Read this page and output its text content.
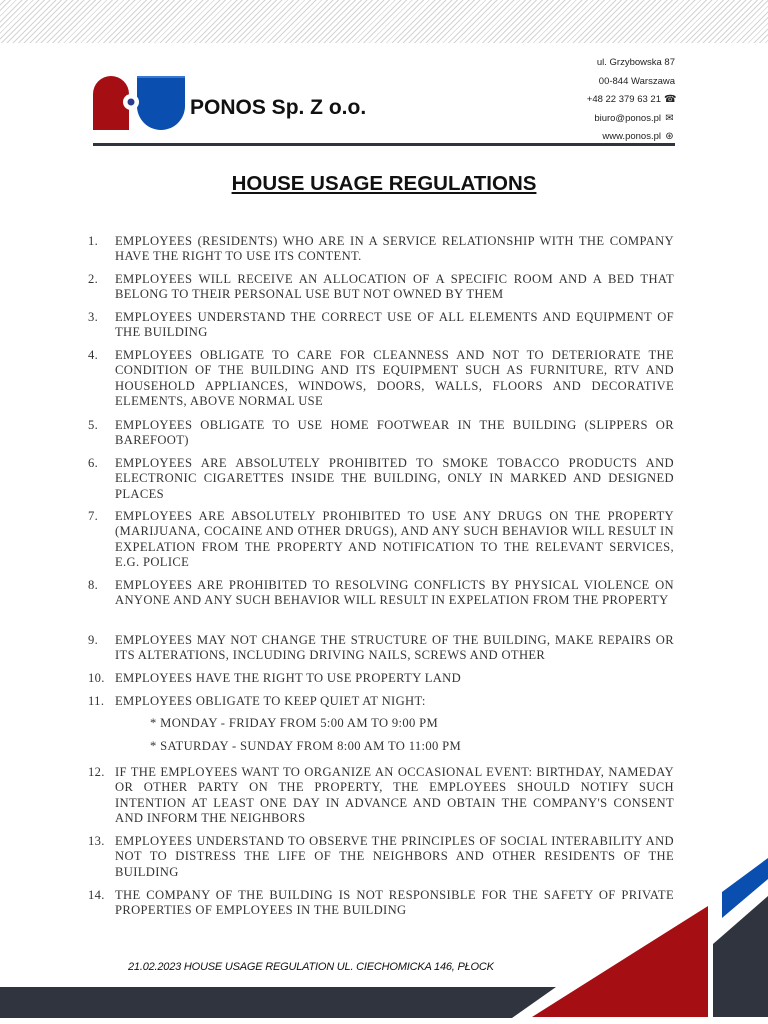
PONOS Sp. Z o.o.
ul. Grzybowska 87
00-844 Warszawa
+48 22 379 63 21 ☎
biuro@ponos.pl ✉
www.ponos.pl ⊛
HOUSE USAGE REGULATIONS
1.	EMPLOYEES (RESIDENTS) WHO ARE IN A SERVICE RELATIONSHIP WITH THE COMPANY HAVE THE RIGHT TO USE ITS CONTENT.
2.	EMPLOYEES WILL RECEIVE AN ALLOCATION OF A SPECIFIC ROOM AND A BED THAT BELONG TO THEIR PERSONAL USE BUT NOT OWNED BY THEM
3.	EMPLOYEES UNDERSTAND THE CORRECT USE OF ALL ELEMENTS AND EQUIPMENT OF THE BUILDING
4.	EMPLOYEES OBLIGATE TO CARE FOR CLEANNESS AND NOT TO DETERIORATE THE CONDITION OF THE BUILDING AND ITS EQUIPMENT SUCH AS FURNITURE, RTV AND HOUSEHOLD APPLIANCES, WINDOWS, DOORS, WALLS, FLOORS AND DECORATIVE ELEMENTS, ABOVE NORMAL USE
5.	EMPLOYEES OBLIGATE TO USE HOME FOOTWEAR IN THE BUILDING (SLIPPERS OR BAREFOOT)
6.	EMPLOYEES ARE ABSOLUTELY PROHIBITED TO SMOKE TOBACCO PRODUCTS AND ELECTRONIC CIGARETTES INSIDE THE BUILDING, ONLY IN MARKED AND DESIGNED PLACES
7.	EMPLOYEES ARE ABSOLUTELY PROHIBITED TO USE ANY DRUGS ON THE PROPERTY (MARIJUANA, COCAINE AND OTHER DRUGS), AND ANY SUCH BEHAVIOR WILL RESULT IN EXPELATION FROM THE PROPERTY AND NOTIFICATION TO THE RELEVANT SERVICES, E.G. POLICE
8.	EMPLOYEES ARE PROHIBITED TO RESOLVING CONFLICTS BY PHYSICAL VIOLENCE ON ANYONE AND ANY SUCH BEHAVIOR WILL RESULT IN EXPELATION FROM THE PROPERTY
9.	EMPLOYEES MAY NOT CHANGE THE STRUCTURE OF THE BUILDING, MAKE REPAIRS OR ITS ALTERATIONS, INCLUDING DRIVING NAILS, SCREWS AND OTHER
10. EMPLOYEES HAVE THE RIGHT TO USE PROPERTY LAND
11. EMPLOYEES OBLIGATE TO KEEP QUIET AT NIGHT:
12. IF THE EMPLOYEES WANT TO ORGANIZE AN OCCASIONAL EVENT: BIRTHDAY, NAMEDAY OR OTHER PARTY ON THE PROPERTY, THE EMPLOYEES SHOULD NOTIFY SUCH INTENTION AT LEAST ONE DAY IN ADVANCE AND OBTAIN THE COMPANY'S CONSENT AND INFORM THE NEIGHBORS
13. EMPLOYEES UNDERSTAND TO OBSERVE THE PRINCIPLES OF SOCIAL INTERABILITY AND NOT TO DISTRESS THE LIFE OF THE NEIGHBORS AND OTHER RESIDENTS OF THE BUILDING
14. THE COMPANY OF THE BUILDING IS NOT RESPONSIBLE FOR THE SAFETY OF PRIVATE PROPERTIES OF EMPLOYEES IN THE BUILDING
* MONDAY - FRIDAY FROM 5:00 AM TO 9:00 PM
* SATURDAY - SUNDAY FROM 8:00 AM TO 11:00 PM
21.02.2023 HOUSE USAGE REGULATION UL. CIECHOMICKA 146, PŁOCK
